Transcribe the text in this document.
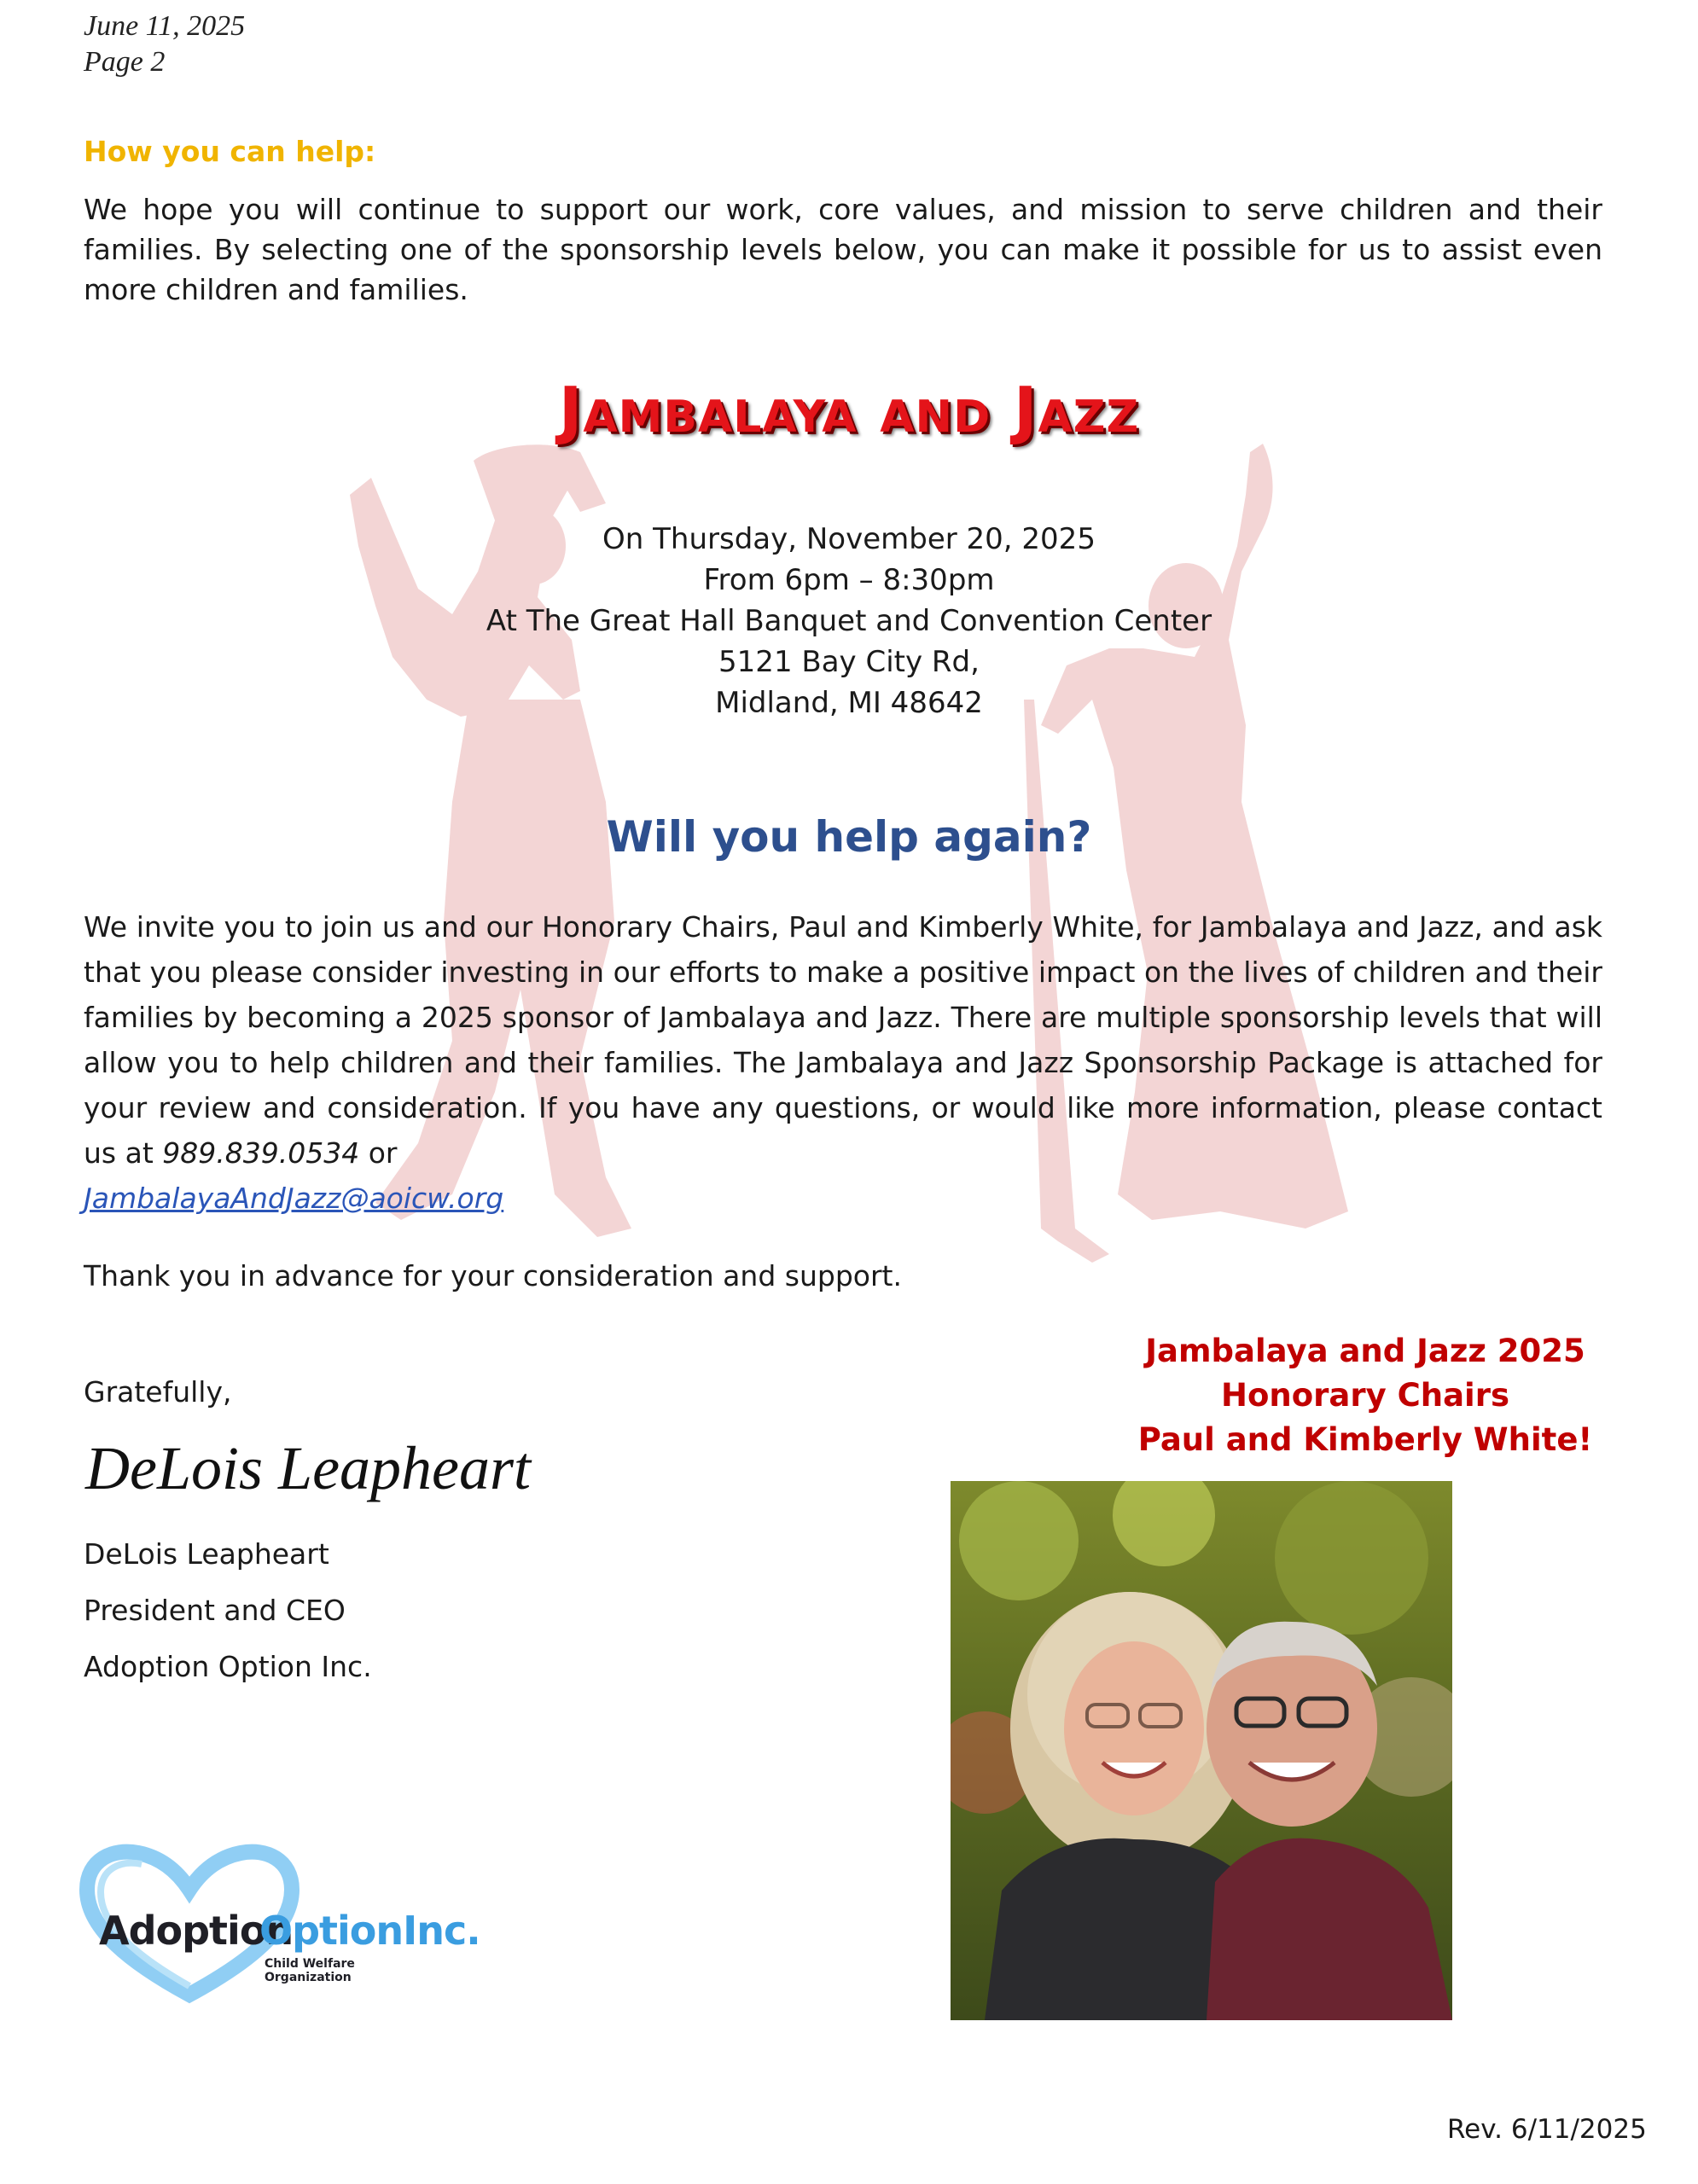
June 11, 2025
Page 2
How you can help:
We hope you will continue to support our work, core values, and mission to serve children and their families. By selecting one of the sponsorship levels below, you can make it possible for us to assist even more children and families.
Jambalaya and Jazz
On Thursday, November 20, 2025
From 6pm – 8:30pm
At The Great Hall Banquet and Convention Center
5121 Bay City Rd,
Midland, MI 48642
Will you help again?
We invite you to join us and our Honorary Chairs, Paul and Kimberly White, for Jambalaya and Jazz, and ask that you please consider investing in our efforts to make a positive impact on the lives of children and their families by becoming a 2025 sponsor of Jambalaya and Jazz. There are multiple sponsorship levels that will allow you to help children and their families. The Jambalaya and Jazz Sponsorship Package is attached for your review and consideration. If you have any questions, or would like more information, please contact us at 989.839.0534 or
JambalayaAndJazz@aoicw.org
Thank you in advance for your consideration and support.
Gratefully,
DeLois Leapheart
DeLois Leapheart
President and CEO
Adoption Option Inc.
Jambalaya and Jazz 2025
Honorary Chairs
Paul and Kimberly White!
Adoption
OptionInc.
Child Welfare Organization
Rev. 6/11/2025
